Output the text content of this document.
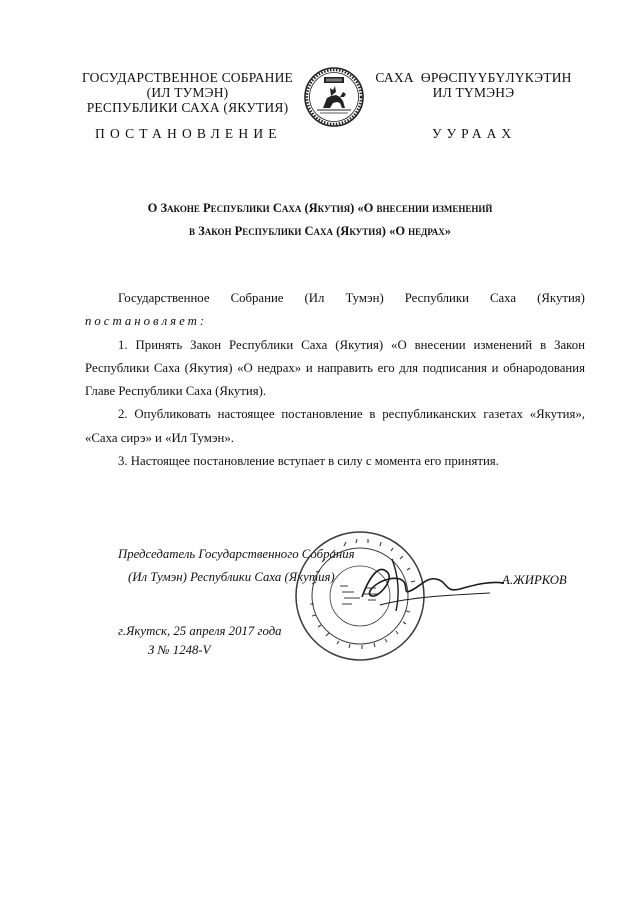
ГОСУДАРСТВЕННОЕ СОБРАНИЕ
(ИЛ ТУМЭН)
РЕСПУБЛИКИ САХА (ЯКУТИЯ)
САХА  ӨРӨСПҮҮБҮЛҮКЭТИН
ИЛ ТҮМЭНЭ
ПОСТАНОВЛЕНИЕ	УУРААХ
О Законе Республики Саха (Якутия) «О внесении изменений
в Закон Республики Саха (Якутия) «О недрах»
Государственное Собрание (Ил Тумэн) Республики Саха (Якутия)

постановляет:

1. Принять Закон Республики Саха (Якутия) «О внесении изменений в Закон Республики Саха (Якутия) «О недрах» и направить его для подписания и обнародования Главе Республики Саха (Якутия).

2. Опубликовать настоящее постановление в республиканских газетах «Якутия», «Саха сирэ» и «Ил Тумэн».

3. Настоящее постановление вступает в силу с момента его принятия.

Председатель Государственного Собрания
(Ил Тумэн) Республики Саха (Якутия)	А.ЖИРКОВ
г.Якутск, 25 апреля 2017 года
З № 1248-V
